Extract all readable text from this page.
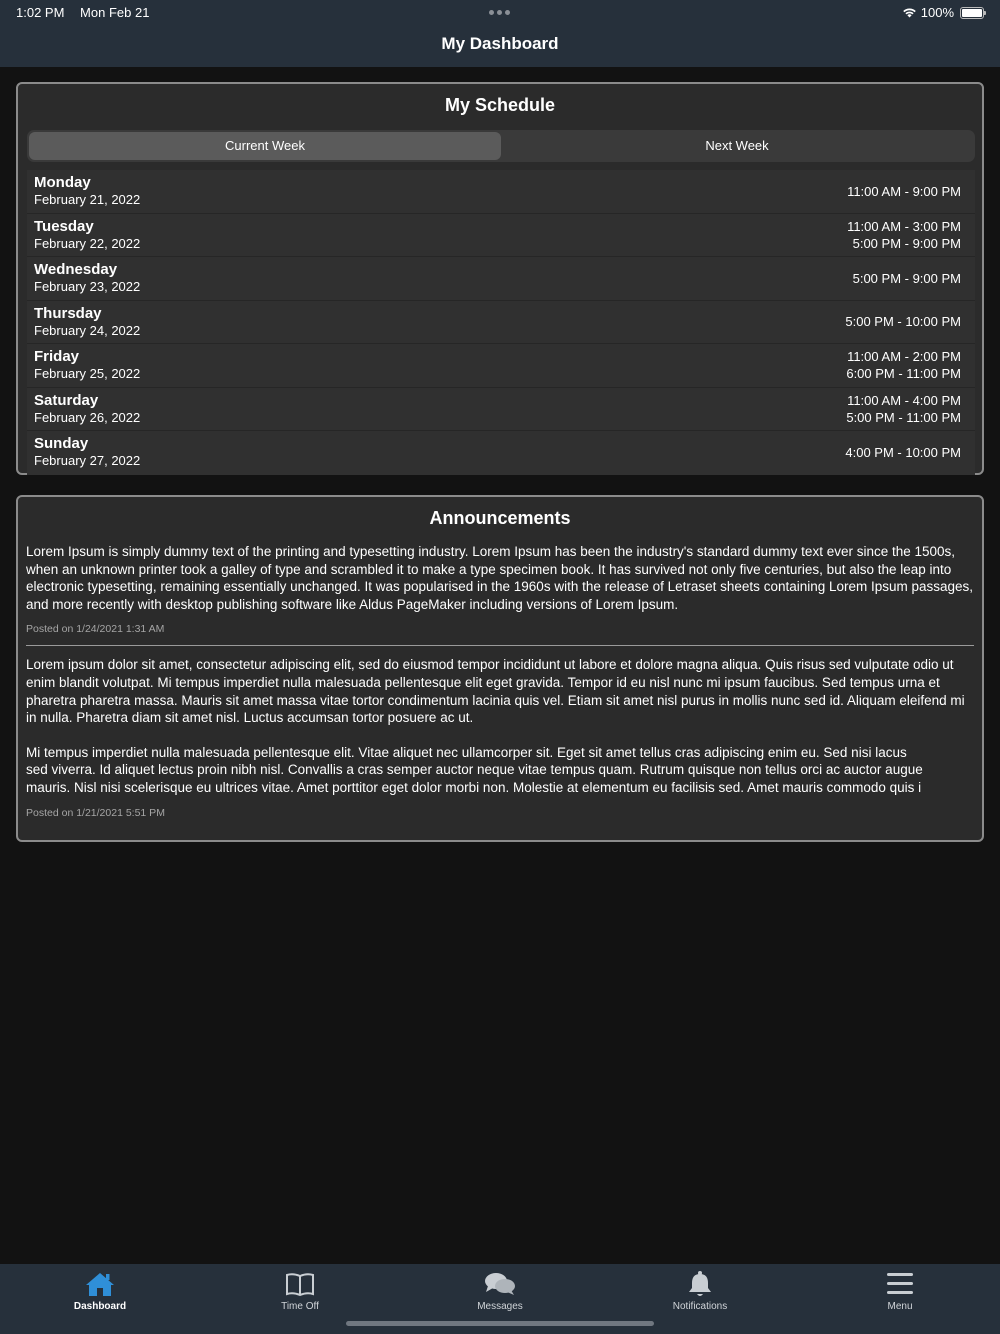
1:02 PM Mon Feb 21	100%
My Dashboard
My Schedule
Current Week	Next Week
Monday
February 21, 2022
11:00 AM - 9:00 PM
Tuesday
February 22, 2022
11:00 AM - 3:00 PM
5:00 PM - 9:00 PM
Wednesday
February 23, 2022
5:00 PM - 9:00 PM
Thursday
February 24, 2022
5:00 PM - 10:00 PM
Friday
February 25, 2022
11:00 AM - 2:00 PM
6:00 PM - 11:00 PM
Saturday
February 26, 2022
11:00 AM - 4:00 PM
5:00 PM - 11:00 PM
Sunday
February 27, 2022
4:00 PM - 10:00 PM
Announcements

Lorem Ipsum is simply dummy text of the printing and typesetting industry. Lorem Ipsum has been the industry's standard dummy text ever since the 1500s, when an unknown printer took a galley of type and scrambled it to make a type specimen book. It has survived not only five centuries, but also the leap into electronic typesetting, remaining essentially unchanged. It was popularised in the 1960s with the release of Letraset sheets containing Lorem Ipsum passages, and more recently with desktop publishing software like Aldus PageMaker including versions of Lorem Ipsum.

Posted on 1/24/2021 1:31 AM

Lorem ipsum dolor sit amet, consectetur adipiscing elit, sed do eiusmod tempor incididunt ut labore et dolore magna aliqua. Quis risus sed vulputate odio ut enim blandit volutpat. Mi tempus imperdiet nulla malesuada pellentesque elit eget gravida. Tempor id eu nisl nunc mi ipsum faucibus. Sed tempus urna et pharetra pharetra massa. Mauris sit amet massa vitae tortor condimentum lacinia quis vel. Etiam sit amet nisl purus in mollis nunc sed id. Aliquam eleifend mi in nulla. Pharetra diam sit amet nisl. Luctus accumsan tortor posuere ac ut.

Mi tempus imperdiet nulla malesuada pellentesque elit. Vitae aliquet nec ullamcorper sit. Eget sit amet tellus cras adipiscing enim eu. Sed nisi lacus
sed viverra. Id aliquet lectus proin nibh nisl. Convallis a cras semper auctor neque vitae tempus quam. Rutrum quisque non tellus orci ac auctor augue
mauris. Nisl nisi scelerisque eu ultrices vitae. Amet porttitor eget dolor morbi non. Molestie at elementum eu facilisis sed. Amet mauris commodo quis i

Posted on 1/21/2021 5:51 PM
Dashboard	Time Off	Messages	Notifications	Menu
